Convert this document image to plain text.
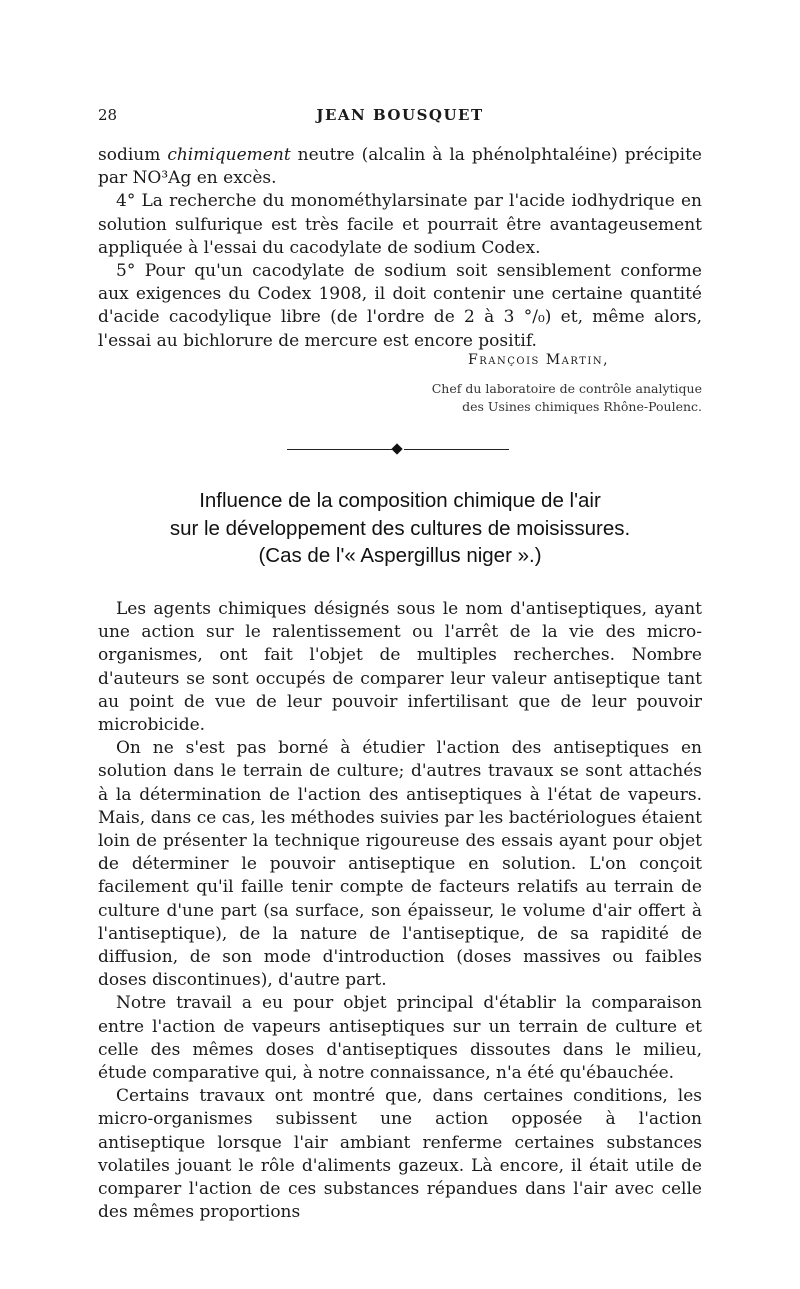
28	JEAN BOUSQUET

sodium chimiquement neutre (alcalin à la phénolphtaléine) précipite par NO³Ag en excès.

4° La recherche du monométhylarsinate par l'acide iodhydrique en solution sulfurique est très facile et pourrait être avantageusement appliquée à l'essai du cacodylate de sodium Codex.

5° Pour qu'un cacodylate de sodium soit sensiblement conforme aux exigences du Codex 1908, il doit contenir une certaine quantité d'acide cacodylique libre (de l'ordre de 2 à 3 °/₀) et, même alors, l'essai au bichlorure de mercure est encore positif.

François Martin,
Chef du laboratoire de contrôle analytique
des Usines chimiques Rhône-Poulenc.
Influence de la composition chimique de l'air
sur le développement des cultures de moisissures.
(Cas de l'« Aspergillus niger ».)

Les agents chimiques désignés sous le nom d'antiseptiques, ayant une action sur le ralentissement ou l'arrêt de la vie des micro-organismes, ont fait l'objet de multiples recherches. Nombre d'auteurs se sont occupés de comparer leur valeur antiseptique tant au point de vue de leur pouvoir infertilisant que de leur pouvoir microbicide.

On ne s'est pas borné à étudier l'action des antiseptiques en solution dans le terrain de culture; d'autres travaux se sont attachés à la détermination de l'action des antiseptiques à l'état de vapeurs. Mais, dans ce cas, les méthodes suivies par les bactériologues étaient loin de présenter la technique rigoureuse des essais ayant pour objet de déterminer le pouvoir antiseptique en solution. L'on conçoit facilement qu'il faille tenir compte de facteurs relatifs au terrain de culture d'une part (sa surface, son épaisseur, le volume d'air offert à l'antiseptique), de la nature de l'antiseptique, de sa rapidité de diffusion, de son mode d'introduction (doses massives ou faibles doses discontinues), d'autre part.

Notre travail a eu pour objet principal d'établir la comparaison entre l'action de vapeurs antiseptiques sur un terrain de culture et celle des mêmes doses d'antiseptiques dissoutes dans le milieu, étude comparative qui, à notre connaissance, n'a été qu'ébauchée.

Certains travaux ont montré que, dans certaines conditions, les micro-organismes subissent une action opposée à l'action antiseptique lorsque l'air ambiant renferme certaines substances volatiles jouant le rôle d'aliments gazeux. Là encore, il était utile de comparer l'action de ces substances répandues dans l'air avec celle des mêmes proportions
